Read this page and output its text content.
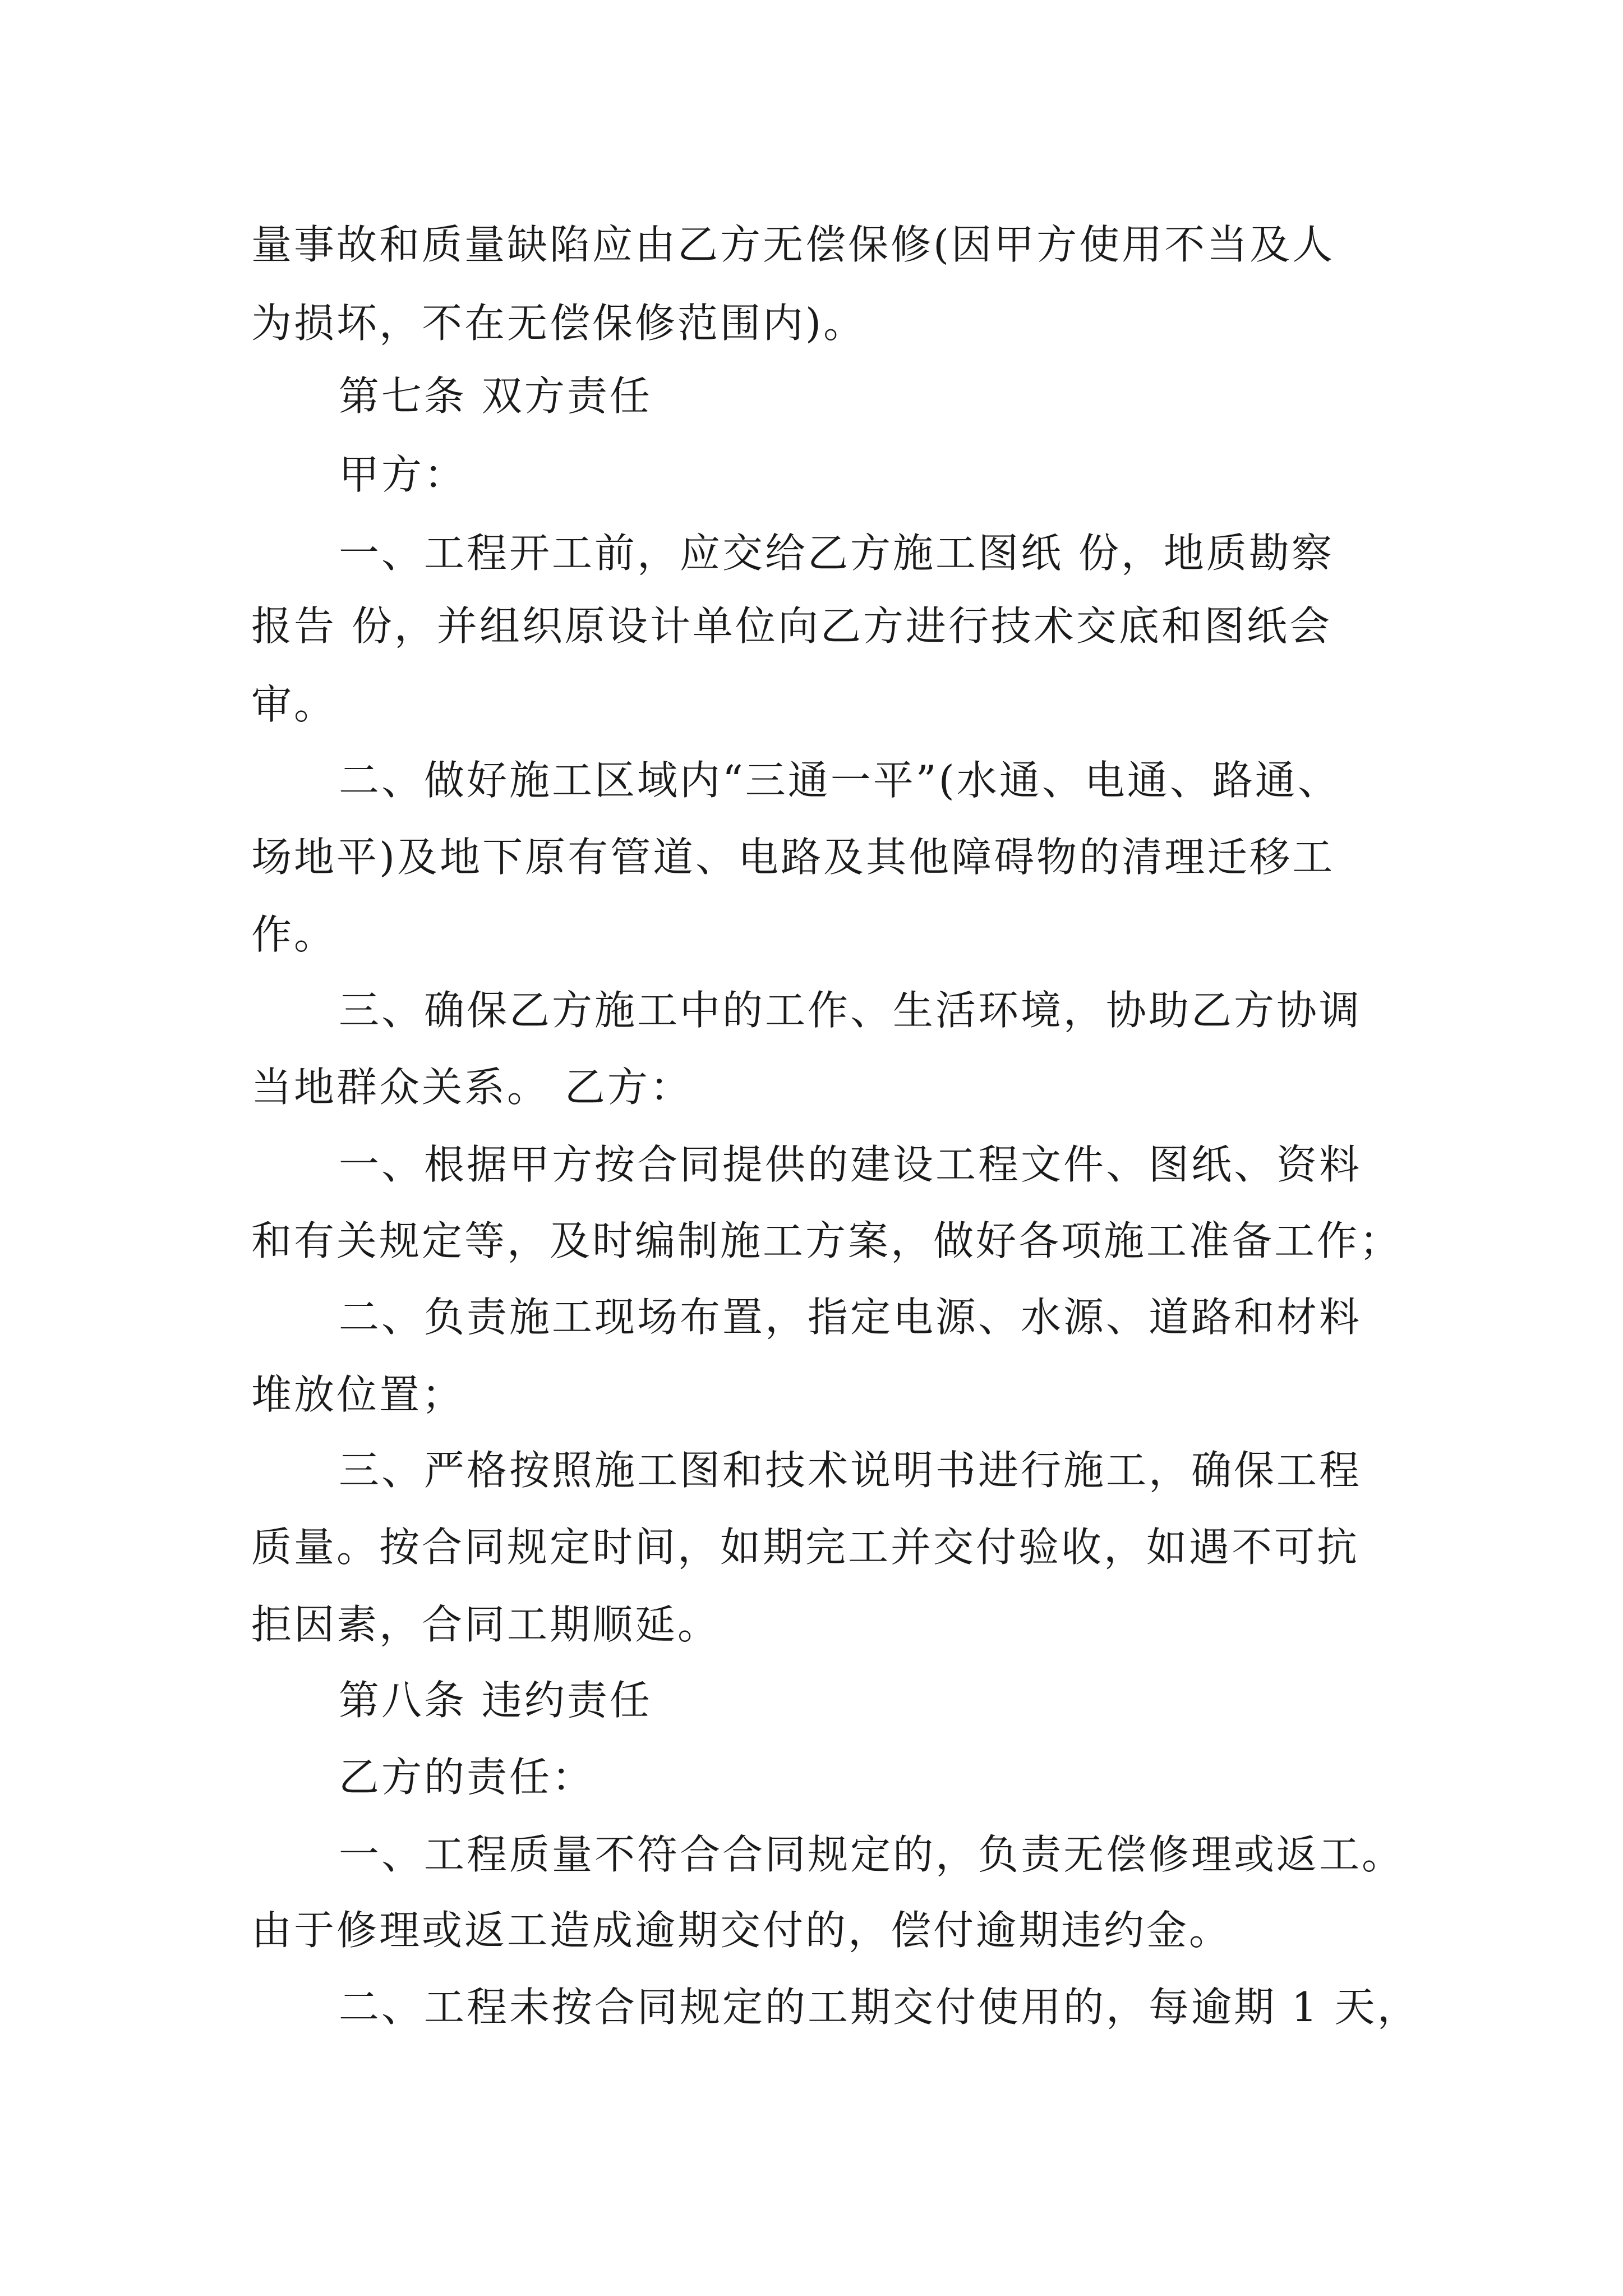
量事故和质量缺陷应由乙方无偿保修(因甲方使用不当及人

为损坏，不在无偿保修范围内)。

第七条 双方责任

甲方：

一、工程开工前，应交给乙方施工图纸 份，地质勘察

报告 份，并组织原设计单位向乙方进行技术交底和图纸会

审。

二、做好施工区域内“三通一平”(水通、电通、路通、

场地平)及地下原有管道、电路及其他障碍物的清理迁移工

作。

三、确保乙方施工中的工作、生活环境，协助乙方协调

当地群众关系。 乙方：

一、根据甲方按合同提供的建设工程文件、图纸、资料

和有关规定等，及时编制施工方案，做好各项施工准备工作；

二、负责施工现场布置，指定电源、水源、道路和材料

堆放位置；

三、严格按照施工图和技术说明书进行施工，确保工程

质量。按合同规定时间，如期完工并交付验收，如遇不可抗

拒因素，合同工期顺延。

第八条 违约责任

乙方的责任：

一、工程质量不符合合同规定的，负责无偿修理或返工。

由于修理或返工造成逾期交付的，偿付逾期违约金。

二、工程未按合同规定的工期交付使用的，每逾期 1 天，
